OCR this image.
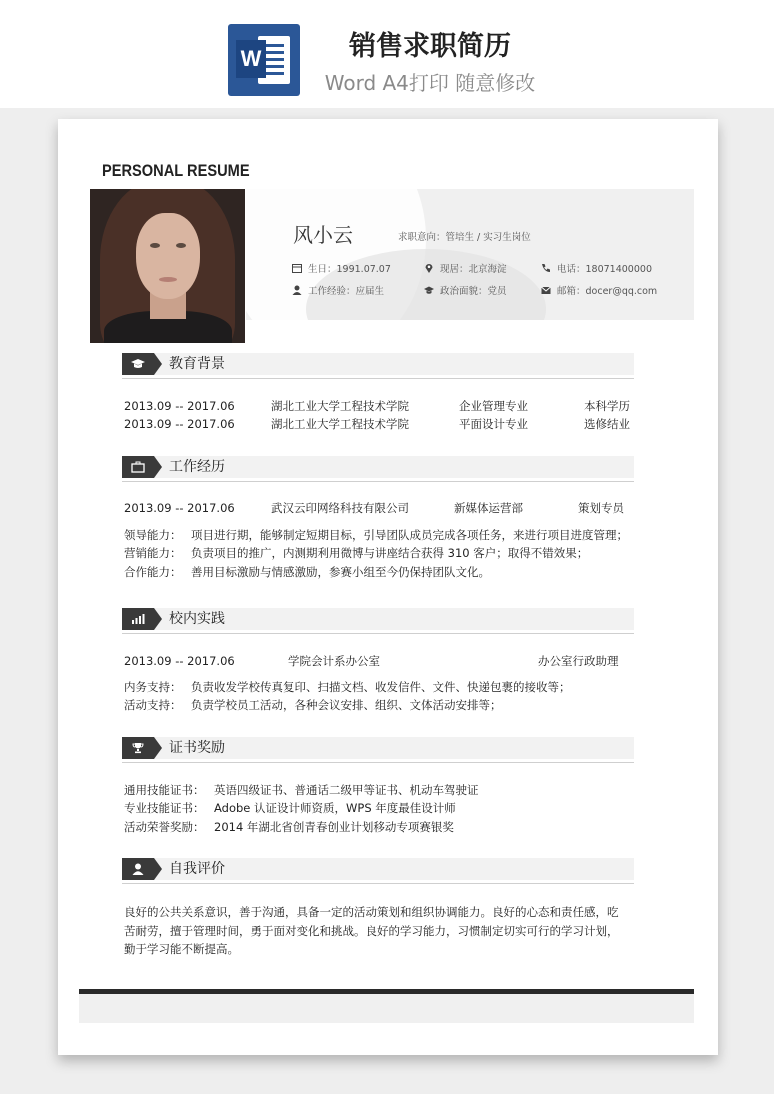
W	销售求职简历
Word A4打印 随意修改
PERSONAL RESUME
风小云	求职意向：管培生 / 实习生岗位
生日：1991.07.07	现居：北京海淀	电话：18071400000
工作经验：应届生	政治面貌：党员	邮箱：docer@qq.com
教育背景
2013.09 -- 2017.06	湖北工业大学工程技术学院	企业管理专业	本科学历
2013.09 -- 2017.06	湖北工业大学工程技术学院	平面设计专业	选修结业
工作经历
2013.09 -- 2017.06	武汉云印网络科技有限公司	新媒体运营部	策划专员
领导能力： 项目进行期，能够制定短期目标，引导团队成员完成各项任务，来进行项目进度管理；
营销能力： 负责项目的推广，内测期利用微博与讲座结合获得 310 客户；取得不错效果；
合作能力： 善用目标激励与情感激励，参赛小组至今仍保持团队文化。
校内实践
2013.09 -- 2017.06	学院会计系办公室	办公室行政助理
内务支持： 负责收发学校传真复印、扫描文档、收发信件、文件、快递包裹的接收等；
活动支持： 负责学校员工活动，各种会议安排、组织、文体活动安排等；
证书奖励
通用技能证书： 英语四级证书、普通话二级甲等证书、机动车驾驶证
专业技能证书： Adobe 认证设计师资质，WPS 年度最佳设计师
活动荣誉奖励： 2014 年湖北省创青春创业计划移动专项赛银奖
自我评价
良好的公共关系意识，善于沟通，具备一定的活动策划和组织协调能力。良好的心态和责任感，吃
苦耐劳，擅于管理时间，勇于面对变化和挑战。良好的学习能力，习惯制定切实可行的学习计划，
勤于学习能不断提高。
